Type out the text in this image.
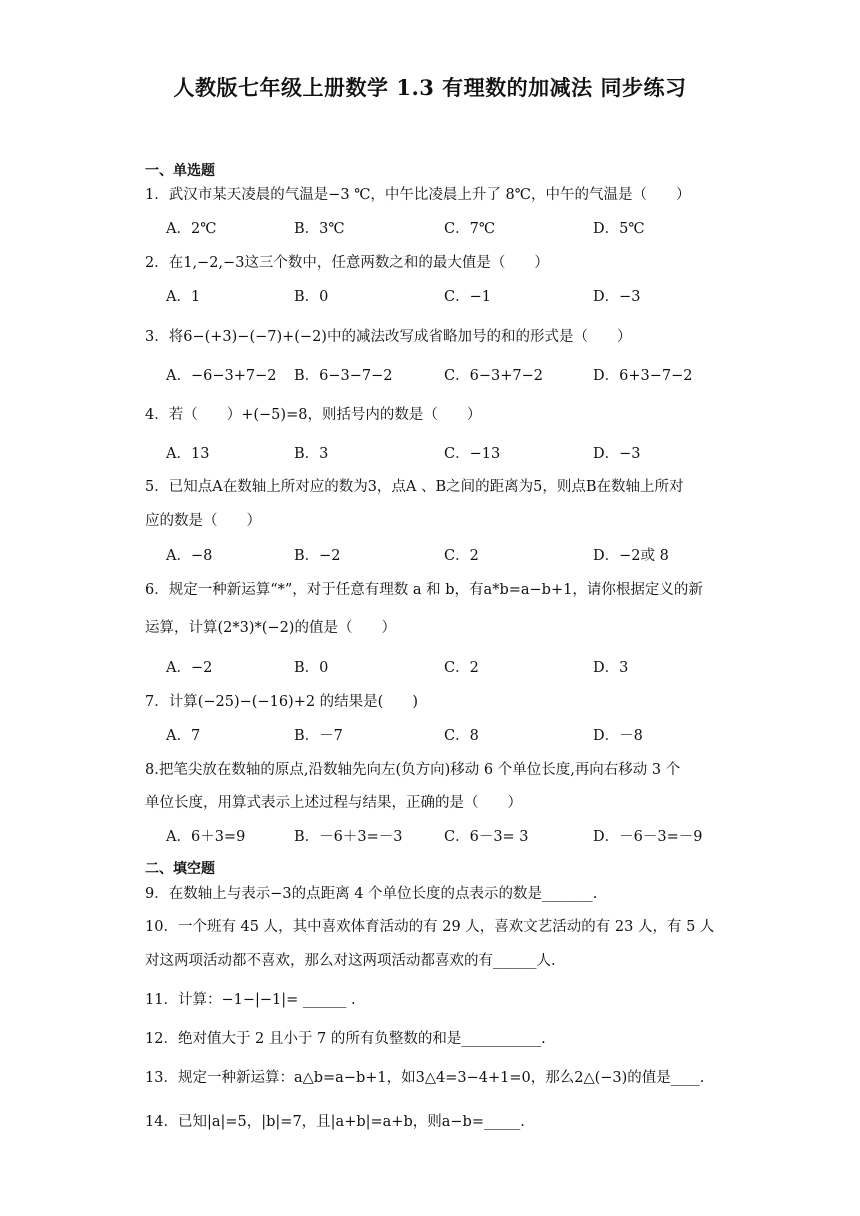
人教版七年级上册数学 1.3 有理数的加减法 同步练习
一、单选题
1．武汉市某天凌晨的气温是−3 ℃，中午比凌晨上升了 8℃，中午的气温是（　　）
A．2℃	B．3℃	C．7℃	D．5℃
2．在1,−2,−3这三个数中，任意两数之和的最大值是（　　）
A．1	B．0	C．−1	D．−3
3．将6−(+3)−(−7)+(−2)中的减法改写成省略加号的和的形式是（　　）
A．−6−3+7−2 B．6−3−7−2	C．6−3+7−2	D．6+3−7−2
4．若（　　）+(−5)=8，则括号内的数是（　　）
A．13	B．3	C．−13	D．−3
5．已知点A在数轴上所对应的数为3，点A 、B之间的距离为5，则点B在数轴上所对
应的数是（　　）
A．−8	B．−2	C．2	D．−2或 8
6．规定一种新运算“*”，对于任意有理数 a 和 b，有a*b=a−b+1，请你根据定义的新
运算，计算(2*3)*(−2)的值是（　　）
A．−2	B．0	C．2	D．3
7．计算(−25)−(−16)+2 的结果是(　　)
A．7	B．－7	C．8	D．－8
8.把笔尖放在数轴的原点,沿数轴先向左(负方向)移动 6 个单位长度,再向右移动 3 个
单位长度，用算式表示上述过程与结果，正确的是（　　）
A．6＋3=9	B．－6＋3=－3	C．6－3= 3	D．－6－3=－9
二、填空题
9．在数轴上与表示−3的点距离 4 个单位长度的点表示的数是_______.
10．一个班有 45 人，其中喜欢体育活动的有 29 人，喜欢文艺活动的有 23 人，有 5 人
对这两项活动都不喜欢，那么对这两项活动都喜欢的有______人.
11．计算：−1−|−1|= ______ .
12．绝对值大于 2 且小于 7 的所有负整数的和是___________.
13．规定一种新运算：a△b=a−b+1，如3△4=3−4+1=0，那么2△(−3)的值是____.
14．已知|a|=5，|b|=7，且|a+b|=a+b，则a−b=_____.
